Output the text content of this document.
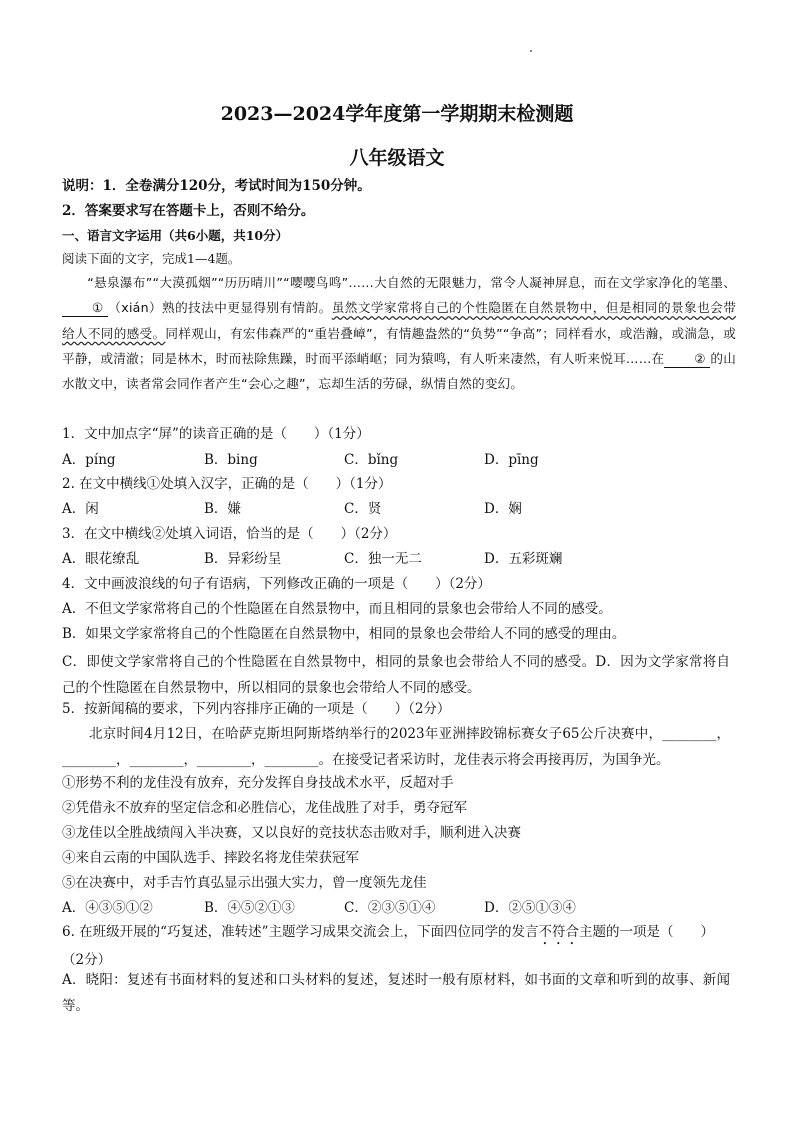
2023—2024学年度第一学期期末检测题
八年级语文
说明：1．全卷满分120分，考试时间为150分钟。
2．答案要求写在答题卡上，否则不给分。
一、语言文字运用（共6小题，共10分）
阅读下面的文字，完成1—4题。
“悬泉瀑布”“大漠孤烟”“历历晴川”“嘤嘤鸟鸣”……大自然的无限魅力，常令人凝神屏息，而在文学家净化的笔墨、① （xián）熟的技法中更显得别有情韵。虽然文学家常将自己的个性隐匿在自然景物中，但是相同的景象也会带给人不同的感受。同样观山，有宏伟森严的“重岩叠嶂”，有情趣盎然的“负势”“争高”；同样看水，或浩瀚，或湍急，或平静，或清澈；同是林木，时而袪除焦躁，时而平添峭岖；同为猿鸣，有人听来凄然，有人听来悦耳……在 ② 的山水散文中，读者常会同作者产生“会心之趣”，忘却生活的劳碌，纵情自然的变幻。
1．文中加点字“屏”的读音正确的是（　　）（1分）
A．píng	B．bing	C．bǐng	D．pīng
2. 在文中横线①处填入汉字，正确的是（　　）（1分）
A．闲	B．嫌	C．贤	D．娴
3．在文中横线②处填入词语，恰当的是（　　）（2分）
A．眼花缭乱	B．异彩纷呈	C．独一无二	D．五彩斑斓
4．文中画波浪线的句子有语病，下列修改正确的一项是（　　）（2分）
A．不但文学家常将自己的个性隐匿在自然景物中，而且相同的景象也会带给人不同的感受。
B．如果文学家常将自己的个性隐匿在自然景物中，相同的景象也会带给人不同的感受的理由。
C．即使文学家常将自己的个性隐匿在自然景物中，相同的景象也会带给人不同的感受。D．因为文学家常将自己的个性隐匿在自然景物中，所以相同的景象也会带给人不同的感受。
5．按新闻稿的要求，下列内容排序正确的一项是（　　）（2分）
北京时间4月12日，在哈萨克斯坦阿斯塔纳举行的2023年亚洲摔跤锦标赛女子65公斤决赛中，________，________，________，________，________。在接受记者采访时，龙佳表示将会再接再厉，为国争光。
①形势不利的龙佳没有放弃，充分发挥自身技战术水平，反超对手
②凭借永不放弃的坚定信念和必胜信心，龙佳战胜了对手，勇夺冠军
③龙佳以全胜战绩闯入半决赛，又以良好的竞技状态击败对手，顺利进入决赛
④来自云南的中国队选手、摔跤名将龙佳荣获冠军
⑤在决赛中，对手吉竹真弘显示出强大实力，曾一度领先龙佳
A．④③⑤①②	B．④⑤②①③	C．②③⑤①④	D．②⑤①③④
6. 在班级开展的“巧复述，准转述”主题学习成果交流会上，下面四位同学的发言不符合主题的一项是（　　）
（2分）
A．晓阳：复述有书面材料的复述和口头材料的复述，复述时一般有原材料，如书面的文章和听到的故事、新闻等。
